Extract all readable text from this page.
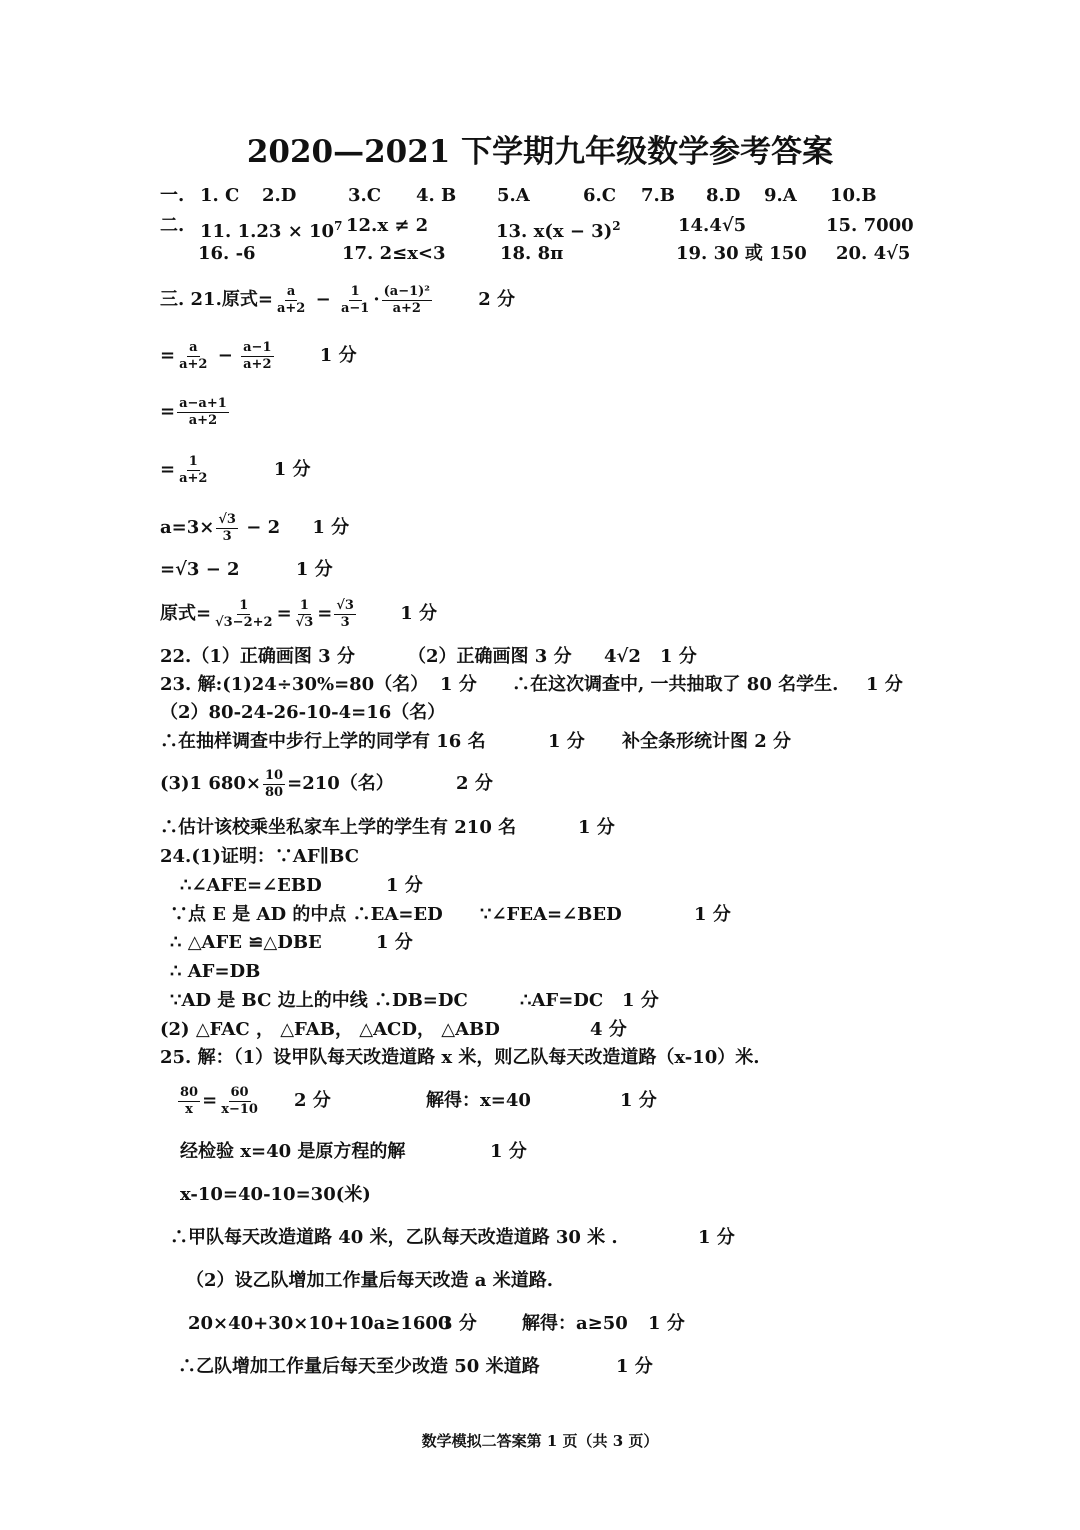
2020—2021 下学期九年级数学参考答案
一. 1. C 2.D	3.C 4. B 5.A	6.C 7.B 8.D 9.A 10.B
二. 11. $1.23 \times 10^7$ 12.x ≠ 2	13. $x(x - 3)^2$	14.4√5	15. 7000
16. -6	17. 2≤x<3	18. 8π	19. 30 或 150 20. 4√5
三. 21.原式= $\frac{a}{a+2} - \frac{1}{a-1} \cdot \frac{\text{(a−1)²}}{a+2}$	2 分
= $\frac{a}{a+2} - \frac{a-1}{a+2}$	1 分
= $\frac{a-a+1}{a+2}$
= $\frac{1}{a+2}$	1 分
$a=3\times \frac{√3}{3} - 2$ 1 分
=√3 − 2	1 分
原式= $\frac{1}{√3-2+2} = \frac{1}{√3} = \frac{√3}{3} 1$ 分
22.（1）正确画图 3 分	（2）正确画图 3 分 4√2 1 分
23. 解:(1)24÷30%=80（名） 1 分 ∴在这次调查中, 一共抽取了 80 名学生. 1 分
（2）80-24-26-10-4=16（名）
∴在抽样调查中步行上学的同学有 16 名	1 分 补全条形统计图 2 分
(3)1 $680\times \frac{10}{80} =210$（名）	2 分
∴估计该校乘坐私家车上学的学生有 210 名	1 分
24.(1)证明：∵AF∥BC
∴∠AFE=∠EBD	1 分
∵点 E 是 AD 的中点 ∴EA=ED ∵∠FEA=∠BED	1 分
∴ △AFE ≌△DBE	1 分
∴ AF=DB
∵AD 是 BC 边上的中线 ∴DB=DC	∴AF=DC 1 分
(2) △FAC ， △FAB， △ACD， △ABD	4 分
25. 解：（1）设甲队每天改造道路 x 米，则乙队每天改造道路（x-10）米.
$\frac{80}{x} = \frac{60}{x-10} 2$ 分	解得：x=40	1 分
经检验 x=40 是原方程的解	1 分
x-10=40-10=30(米)
∴甲队每天改造道路 40 米，乙队每天改造道路 30 米 .	1 分
（2）设乙队增加工作量后每天改造 a 米道路.
20×40+30×10+10a≥1600
3 分	解得：a≥50 1 分
∴乙队增加工作量后每天至少改造 50 米道路	1 分
数学模拟二答案第 1 页（共 3 页）
